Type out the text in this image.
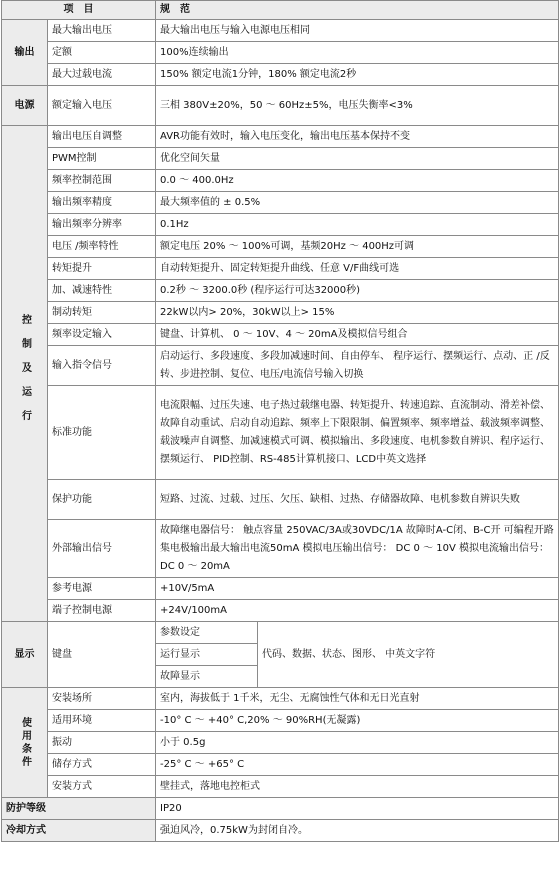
项　目		规　范	
输出	最大输出电压	最大输出电压与输入电源电压相同	
	定额	100%连续输出	
	最大过载电流	150% 额定电流1分钟，180% 额定电流2秒	
电源	额定输入电压	三相 380V±20%，50 ～ 60Hz±5%，电压失衡率<3%	
控制及运行	输出电压自调整	AVR功能有效时，输入电压变化，输出电压基本保持不变	
	PWM控制	优化空间矢量	
	频率控制范围	0.0 ～ 400.0Hz	
	输出频率精度	最大频率值的 ± 0.5%	
	输出频率分辨率	0.1Hz	
	电压 /频率特性	额定电压 20% ～ 100%可调，基频20Hz ～ 400Hz可调	
	转矩提升	自动转矩提升、固定转矩提升曲线、任意 V/F曲线可选	
	加、减速特性	0.2秒 ～ 3200.0秒 (程序运行可达32000秒)	
	制动转矩	22kW以内> 20%，30kW以上> 15%	
	频率设定输入	键盘、计算机、 0 ～ 10V、4 ～ 20mA及模拟信号组合	
	输入指令信号	启动运行、多段速度、多段加减速时间、自由停车、 程序运行、摆频运行、点动、正 /反转、步进控制、复位、电压/电流信号输入切换	
	标准功能	电流限幅、过压失速、电子热过载继电器、转矩提升、转速追踪、直流制动、滑差补偿、故障自动重试、启动自动追踪、频率上下限限制、偏置频率、频率增益、载波频率调整、载波噪声自调整、加减速模式可调、模拟输出、多段速度、电机参数自辨识、程序运行、摆频运行、 PID控制、RS-485计算机接口、LCD中英文选择	
	保护功能	短路、过流、过载、过压、欠压、缺相、过热、存储器故障、电机参数自辨识失败	
	外部输出信号	故障继电器信号： 触点容量 250VAC/3A或30VDC/1A 故障时A-C闭、B-C开 可编程开路集电极输出最大输出电流50mA 模拟电压输出信号： DC 0 ～ 10V 模拟电流输出信号： DC 0 ～ 20mA	
	参考电源	+10V/5mA	
	端子控制电源	+24V/100mA	
显示	键盘	参数设定	代码、数据、状态、图形、 中英文字符
		运行显示	
		故障显示	
使用条件	安装场所	室内，海拔低于 1千米，无尘、无腐蚀性气体和无日光直射	
	适用环境	-10° C ～ +40° C,20% ～ 90%RH(无凝露)	
	振动	小于 0.5g	
	储存方式	-25° C ～ +65° C	
	安装方式	壁挂式，落地电控柜式	
防护等级		IP20	
冷却方式		强迫风冷，0.75kW为封闭自冷。	
